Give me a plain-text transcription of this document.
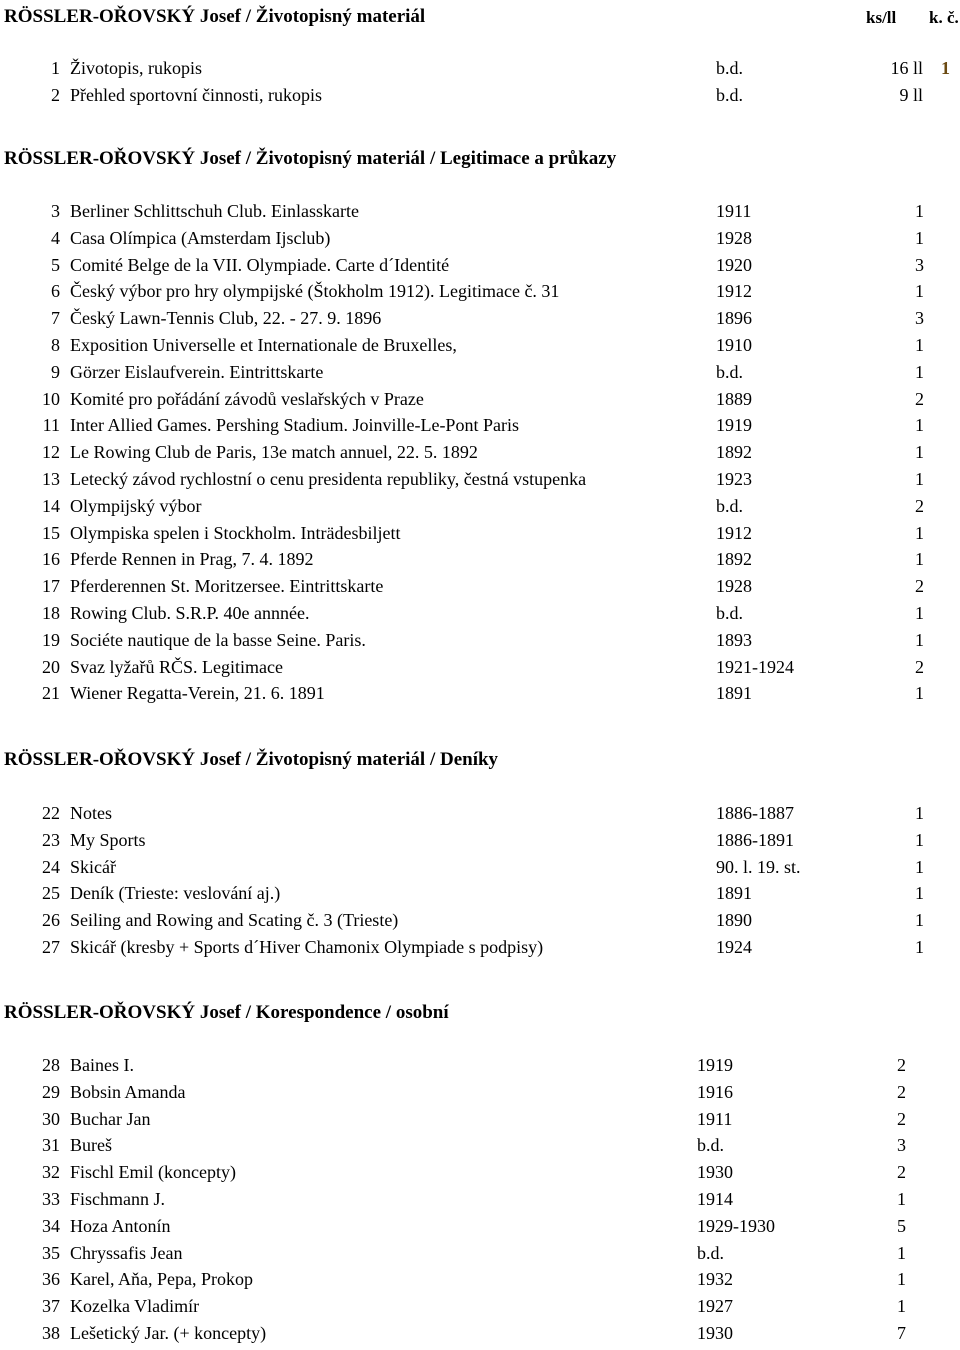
RÖSSLER-OŘOVSKÝ Josef / Životopisný materiál	ks/ll k. č.
1 Životopis, rukopis	b.d.	16 ll 1
2 Přehled sportovní činnosti, rukopis	b.d.	9 ll
RÖSSLER-OŘOVSKÝ Josef / Životopisný materiál / Legitimace a průkazy
3 Berliner Schlittschuh Club. Einlasskarte	1911	1
4 Casa Olímpica (Amsterdam Ijsclub)	1928	1
5 Comité Belge de la VII. Olympiade. Carte d´Identité	1920	3
6 Český výbor pro hry olympijské (Štokholm 1912). Legitimace č. 31	1912	1
7 Český Lawn-Tennis Club, 22. - 27. 9. 1896	1896	3
8 Exposition Universelle et Internationale de Bruxelles,	1910	1
9 Görzer Eislaufverein. Eintrittskarte	b.d.	1
10 Komité pro pořádání závodů veslařských v Praze	1889	2
11 Inter Allied Games. Pershing Stadium. Joinville-Le-Pont Paris	1919	1
12 Le Rowing Club de Paris, 13e match annuel, 22. 5. 1892	1892	1
13 Letecký závod rychlostní o cenu presidenta republiky, čestná vstupenka	1923	1
14 Olympijský výbor	b.d.	2
15 Olympiska spelen i Stockholm. Inträdesbiljett	1912	1
16 Pferde Rennen in Prag, 7. 4. 1892	1892	1
17 Pferderennen St. Moritzersee. Eintrittskarte	1928	2
18 Rowing Club. S.R.P. 40e annnée.	b.d.	1
19 Sociéte nautique de la basse Seine. Paris.	1893	1
20 Svaz lyžařů RČS. Legitimace	1921-1924	2
21 Wiener Regatta-Verein, 21. 6. 1891	1891	1
RÖSSLER-OŘOVSKÝ Josef / Životopisný materiál / Deníky
22 Notes	1886-1887	1
23 My Sports	1886-1891	1
24 Skicář	90. l. 19. st.	1
25 Deník (Trieste: veslování aj.)	1891	1
26 Seiling and Rowing and Scating č. 3 (Trieste)	1890	1
27 Skicář (kresby + Sports d´Hiver Chamonix Olympiade s podpisy)	1924	1
RÖSSLER-OŘOVSKÝ Josef / Korespondence / osobní
28 Baines I.	1919	2
29 Bobsin Amanda	1916	2
30 Buchar Jan	1911	2
31 Bureš	b.d.	3
32 Fischl Emil (koncepty)	1930	2
33 Fischmann J.	1914	1
34 Hoza Antonín	1929-1930	5
35 Chryssafis Jean	b.d.	1
36 Karel, Aňa, Pepa, Prokop	1932	1
37 Kozelka Vladimír	1927	1
38 Lešetický Jar. (+ koncepty)	1930	7
